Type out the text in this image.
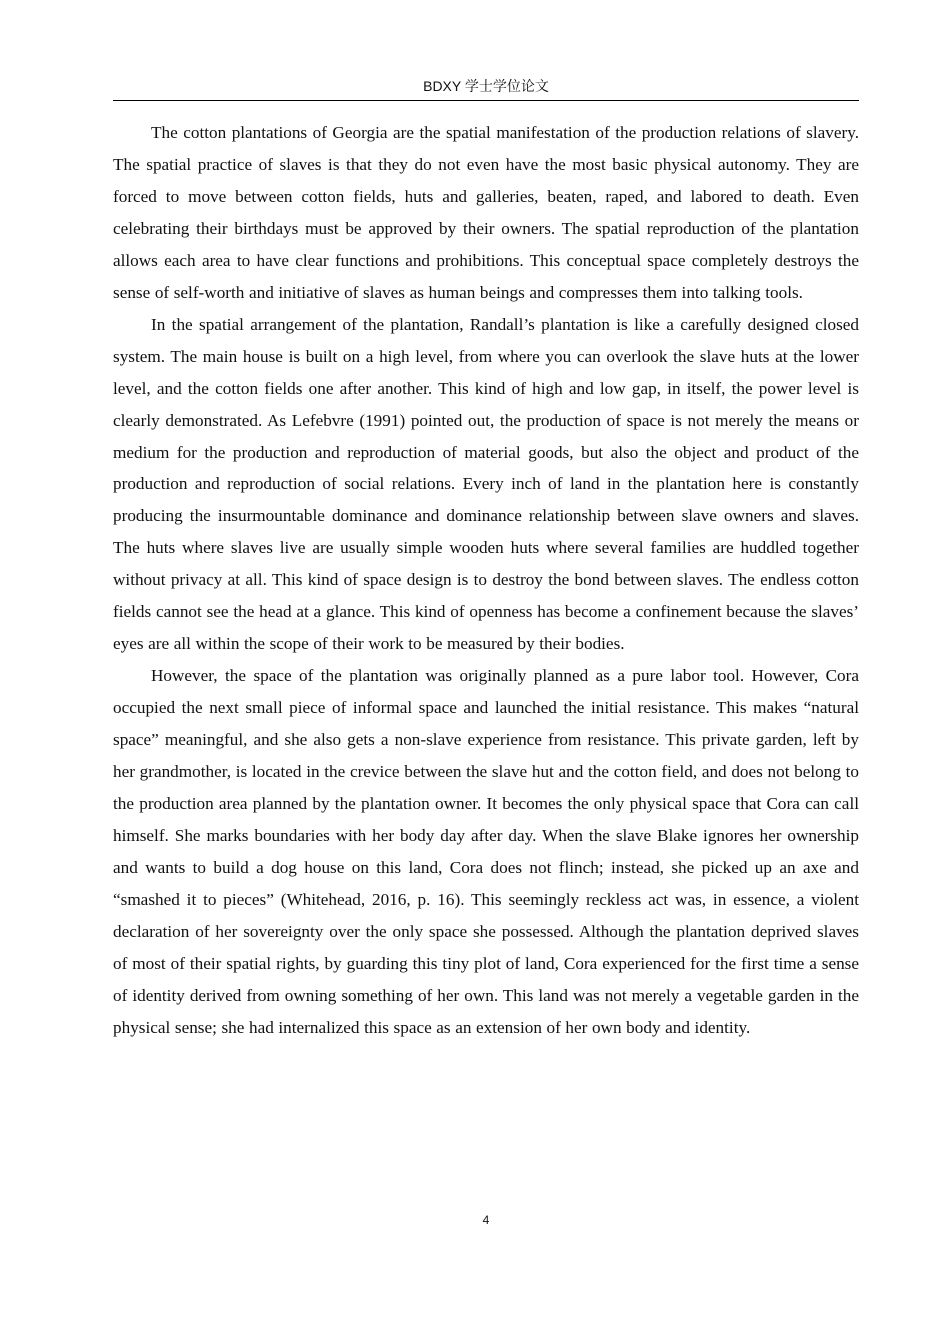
BDXY 学士学位论文

The cotton plantations of Georgia are the spatial manifestation of the production relations of slavery. The spatial practice of slaves is that they do not even have the most basic physical autonomy. They are forced to move between cotton fields, huts and galleries, beaten, raped, and labored to death. Even celebrating their birthdays must be approved by their owners. The spatial reproduction of the plantation allows each area to have clear functions and prohibitions. This conceptual space completely destroys the sense of self-worth and initiative of slaves as human beings and compresses them into talking tools.

In the spatial arrangement of the plantation, Randall’s plantation is like a carefully designed closed system. The main house is built on a high level, from where you can overlook the slave huts at the lower level, and the cotton fields one after another. This kind of high and low gap, in itself, the power level is clearly demonstrated. As Lefebvre (1991) pointed out, the production of space is not merely the means or medium for the production and reproduction of material goods, but also the object and product of the production and reproduction of social relations. Every inch of land in the plantation here is constantly producing the insurmountable dominance and dominance relationship between slave owners and slaves. The huts where slaves live are usually simple wooden huts where several families are huddled together without privacy at all. This kind of space design is to destroy the bond between slaves. The endless cotton fields cannot see the head at a glance. This kind of openness has become a confinement because the slaves’ eyes are all within the scope of their work to be measured by their bodies.

However, the space of the plantation was originally planned as a pure labor tool. However, Cora occupied the next small piece of informal space and launched the initial resistance. This makes “natural space” meaningful, and she also gets a non-slave experience from resistance. This private garden, left by her grandmother, is located in the crevice between the slave hut and the cotton field, and does not belong to the production area planned by the plantation owner. It becomes the only physical space that Cora can call himself. She marks boundaries with her body day after day. When the slave Blake ignores her ownership and wants to build a dog house on this land, Cora does not flinch; instead, she picked up an axe and “smashed it to pieces” (Whitehead, 2016, p. 16). This seemingly reckless act was, in essence, a violent declaration of her sovereignty over the only space she possessed. Although the plantation deprived slaves of most of their spatial rights, by guarding this tiny plot of land, Cora experienced for the first time a sense of identity derived from owning something of her own. This land was not merely a vegetable garden in the physical sense; she had internalized this space as an extension of her own body and identity.

4
